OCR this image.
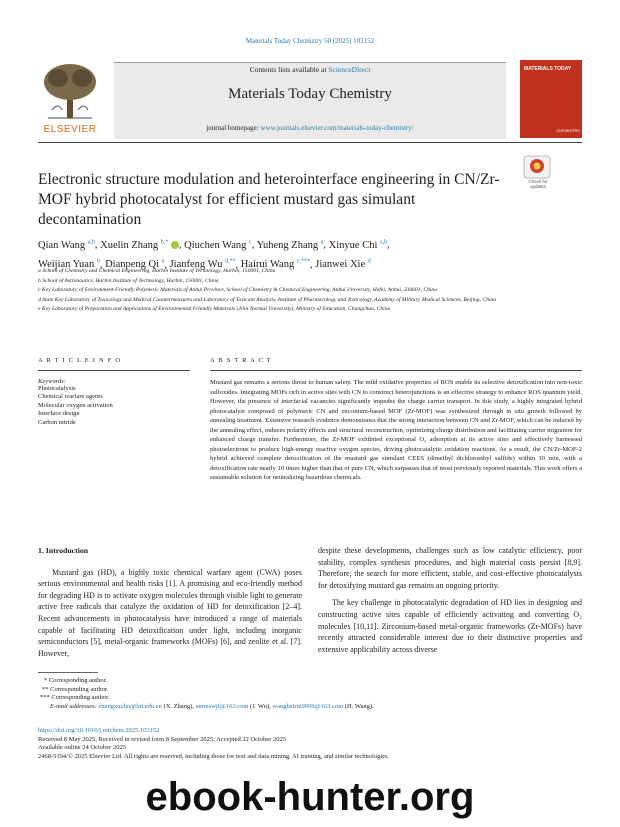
Materials Today Chemistry 50 (2025) 103152
ELSEVIER
Contents lists available at ScienceDirect
Materials Today Chemistry
journal homepage: www.journals.elsevier.com/materials-today-chemistry/
MATERIALS TODAY
CHEMISTRY
Electronic structure modulation and heterointerface engineering in CN/Zr-MOF hybrid photocatalyst for efficient mustard gas simulant decontamination
Check for updates
Qian Wang $^{a,b}$, Xuelin Zhang $^{b,*}$ , Qiuchen Wang $^c$, Yuheng Zhang $^a$, Xinyue Chi $^{a,b}$,
Weijian Yuan $^b$, Dianpeng Qi $^a$, Jianfeng Wu $^{d,**}$, Hairui Wang $^{e,***}$, Jianwei Xie $^d$

a School of Chemistry and Chemical Engineering, Harbin Institute of Technology, Harbin, 150001, China

b School of Astronautics, Harbin Institute of Technology, Harbin, 150001, China

c Key Laboratory of Environment-Friendly Polymeric Materials of Anhui Province, School of Chemistry & Chemical Engineering, Anhui University, Hefei, Anhui, 230601, China

d State Key Laboratory of Toxicology and Medical Countermeasures and Laboratory of Toxicant Analysis, Institute of Pharmacology and Toxicology, Academy of Military Medical Sciences, Beijing, China

e Key Laboratory of Preparation and Applications of Environmental Friendly Materials (Jilin Normal University), Ministry of Education, Changchun, China

A R T I C L E I N F O
Keywords:
Photocatalysis
Chemical warfare agents
Molecular oxygen activation
Interface design
Carbon nitride
A B S T R A C T
Mustard gas remains a serious threat to human safety. The mild oxidative properties of ROS enable its selective detoxification into non-toxic sulfoxides. Integrating MOFs rich in active sites with CN to construct heterojunctions is an effective strategy to enhance ROS quantum yield. However, the presence of interfacial vacancies significantly impedes the charge carrier transport. In this study, a highly integrated hybrid photocatalyst composed of polymeric CN and zirconium-based MOF (Zr-MOF) was synthesized through in situ growth followed by annealing treatment. Extensive research evidence demonstrates that the strong interaction between CN and Zr-MOF, which can be induced by the annealing effect, induces polarity effects and structural reconstruction, optimizing charge distribution and facilitating carrier migration for enhanced charge transfer. Furthermore, the Zr-MOF exhibited exceptional O₂ adsorption at its active sites and effectively harnessed photoelectrons to produce high-energy reactive oxygen species, driving photocatalytic oxidation reactions. As a result, the CN/Zr-MOF-2 hybrid achieved complete detoxification of the mustard gas simulant CEES (dimethyl dichloroethyl sulfide) within 10 min, with a detoxification rate nearly 10 times higher than that of pure CN, which surpasses that of most previously reported materials. This work offers a sustainable solution for neutralizing hazardous chemicals.
1. Introduction

Mustard gas (HD), a highly toxic chemical warfare agent (CWA) poses serious environmental and health risks [1]. A promising and eco-friendly method for degrading HD is to activate oxygen molecules through visible light to generate active free radicals that catalyze the oxidation of HD for detoxification [2–4]. Recent advancements in photocatalysis have introduced a range of materials capable of facilitating HD detoxification under light, including inorganic semiconductors [5], metal-organic frameworks (MOFs) [6], and zeolite et al. [7]. However,

despite these developments, challenges such as low catalytic efficiency, poor stability, complex synthesis procedures, and high material costs persist [8,9]. Therefore, the search for more efficient, stable, and cost-effective photocatalysts for detoxifying mustard gas remains an ongoing priority.

The key challenge in photocatalytic degradation of HD lies in designing and constructing active sites capable of efficiently activating and converting O₂ molecules [10,11]. Zirconium-based metal-organic frameworks (Zr-MOFs) have recently attracted considerable interest due to their distinctive properties and extensive applicability across diverse

* Corresponding author.
** Corresponding author.
*** Corresponding author.
E-mail addresses: zhangxuelin@hit.edu.cn (X. Zhang), ammswjf@163.com (J. Wu), wanghairui9999@163.com (H. Wang).
https://doi.org/10.1016/j.mtchem.2025.103152
Received 8 May 2025; Received in revised form 8 September 2025; Accepted 22 October 2025
Available online 24 October 2025
2468-5194/© 2025 Elsevier Ltd. All rights are reserved, including those for text and data mining, AI training, and similar technologies.
ebook-hunter.org
